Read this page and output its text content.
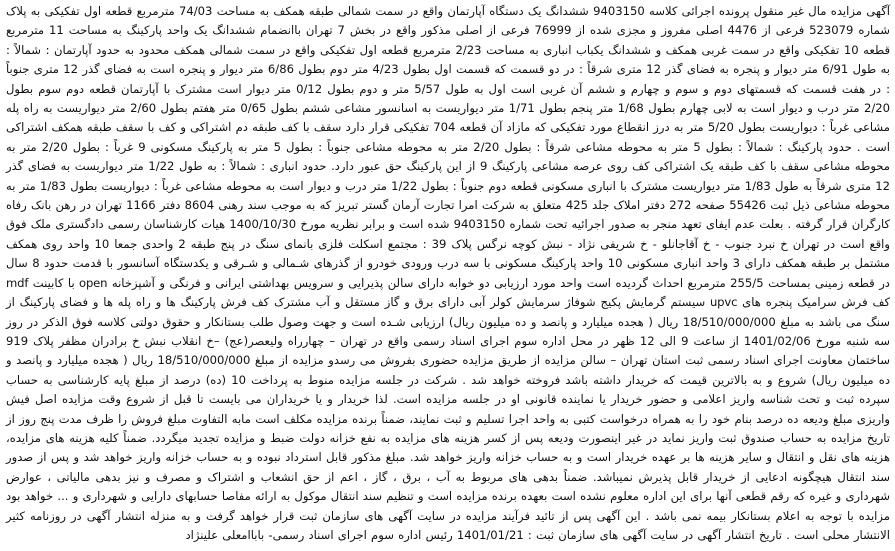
آگهی مزایده مال غیر منقول پرونده اجرائی کلاسه 9403150 ششدانگ یک دستگاه آپارتمان واقع در سمت شمالی طبقه همکف به مساحت 74/03 مترمربع قطعه اول تفکیکی به پلاک شماره 523079 فرعی از 4476 اصلی مفروز و مجزی شده از 76999 فرعی از اصلی مذکور واقع در بخش 7 تهران باانضمام ششدانگ یک واحد پارکینگ به مساحت 11 مترمربع قطعه 10 تفکیکی واقع در سمت غربی همکف و ششدانگ یکباب انباری به مساحت 2/23 مترمربع قطعه اول تفکیکی واقع در سمت شمالی همکف محدود به حدود آپارتمان : شمالاً : به طول 6/91 متر دیوار و پنجره به فضای گذر 12 متری شرقاً : در دو قسمت که قسمت اول بطول 4/23 متر دوم بطول 6/86 متر دیوار و پنجره است به فضای گذر 12 متری جنوباً : در هفت قسمت که قسمتهای دوم و سوم و چهارم و ششم آن غربی است اول به طول 5/57 متر و دوم بطول 0/12 متر دیوار است مشترک با آپارتمان قطعه دوم سوم بطول 2/20 متر درب و دیوار است به لابی چهارم بطول 1/68 متر پنجم بطول 1/71 متر دیواریست به اسانسور مشاعی ششم بطول 0/65 متر هفتم بطول 2/60 متر دیواریست به راه پله مشاعی غرباً : دیواریست بطول 5/20 متر به درز انقطاع مورد تفکیکی که مازاد آن قطعه 704 تفکیکی قرار دارد سقف با کف طبقه دم اشتراکی و کف با سقف طبقه همکف اشتراکی است . حدود پارکینگ : شمالاً : بطول 5 متر به محوطه مشاعی شرقاً : بطول 2/20 متر به محوطه مشاعی جنوباً : بطول 5 متر به پارکینگ مسکونی 9 غرباً : بطول 2/20 متر به محوطه مشاعی سقف با کف طبقه یک اشتراکی کف روی عرصه مشاعی پارکینگ 9 از این پارکینگ حق عبور دارد. حدود انباری : شمالاً : به طول 1/22 متر دیواریست به فضای گذر 12 متری شرقاً به طول 1/83 متر دیواریست مشترک با انباری مسکونی قطعه دوم جنوباً : بطول 1/22 متر درب و دیوار است به محوطه مشاعی غرباً : دیواریست بطول 1/83 متر به محوطه مشاعی ذیل ثبت 55426 صفحه 272 دفتر املاک جلد 425 متعلق به شرکت امرا تجارت آرمان گستر تبریز که به موجب سند رهنی 8604 دفتر 1166 تهران در رهن بانک رفاه کارگران قرار گرفته . بعلت عدم ایفای تعهد منجر به صدور اجرائیه تحت شماره 9403150 شده است و برابر نظریه مورخ 1400/10/30 هیات کارشناسان رسمی دادگستری ملک فوق واقع است در تهران خ نبرد جنوب - خ آقاجانلو - خ شریفی نژاد - نبش کوچه نرگس پلاک 39 : مجتمع اسکلت فلزی بانمای سنگ در پنج طبقه 2 واحدی جمعا 10 واحد روی همکف مشتمل بر طبقه همکف دارای 3 واحد انباری مسکونی 10 واحد پارکینگ مسکونی با سه درب ورودی خودرو از گذرهای شـمالی و شـرقی و یکدستگاه آسانسور با قدمت حدود 8 سال در قطعه زمینی بمساحت 255/5 مترمربع احداث گردیده است واحد مورد ارزیابی دو خوابه دارای سالن پذیرایی و سرویس بهداشتی ایرانی و فرنگی و آشپزخانه open با کابینت mdf کف فرش سرامیک پنجره های upvc سیستم گرمایش پکیج شوفاژ سرمایش کولر آبی دارای برق و گاز مستقل و آب مشترک کف فرش پارکینگ ها و راه پله ها و فضای پارکینگ از سنگ می باشد به مبلغ 18/510/000/000 ریال ( هجده میلیارد و پانصد و ده میلیون ریال) ارزیابی شـده است و جهت وصول طلب بستانکار و حقوق دولتی کلاسه فوق الذکر در روز سه شنبه مورخ 1401/02/06 از ساعت 9 الی 12 ظهر در محل اداره سوم اجرای اسناد رسمی واقع در تهران – چهارراه ولیعصر(عج) –خ انقلاب نبش خ برادران مظفر پلاک 919 ساختمان معاونت اجرای اسناد رسمی ثبت استان تهران – سالن مزایده از طریق مزایده حضوری بفروش می رسدو مزایده از مبلغ 18/510/000/000 ریال ( هجده میلیارد و پانصد و ده میلیون ریال) شروع و به بالاترین قیمت که خریدار داشته باشد فروخته خواهد شد . شرکت در جلسه مزایده منوط به پرداخت 10 (ده) درصد از مبلغ پایه کارشناسی به حساب سپرده ثبت و تحت شناسه واریز اعلامی و حضور خریدار یا نماینده قانونی او در جلسه مزایده است. لذا خریدار و یا خریداران می بایست تا قبل از شروع وقت مزایده اصل فیش واریزی مبلغ ودیعه ده درصد بنام خود را به همراه درخواست کتبی به واحد اجرا تسلیم و ثبت نمایند، ضمناً برنده مزایده مکلف است مابه التفاوت مبلغ فروش را ظرف مدت پنج روز از تاریخ مزایده به حساب صندوق ثبت واریز نماید در غیر اینصورت ودیعه پس از کسر هزینه های مزایده به نفع خزانه دولت ضبط و مزایده تجدید میگردد. ضمناً کلیه هزینه های مزایده، هزینه های نقل و انتقال و سایر هزینه ها بر عهده خریدار است و به حساب خزانه واریز خواهد شد. مبلغ مذکور قابل استرداد نبوده و به حساب خزانه واریز خواهد شد و پس از صدور سند انتقال هیچگونه ادعایی از خریدار قابل پذیرش نمیباشد. ضمناً بدهی های مربوط به آب ، برق ، گاز ، اعم از حق انشعاب و اشتراک و مصرف و نیز بدهی مالیاتی ، عوارض شهرداری و غیره که رقم قطعی آنها برای این اداره معلوم نشده است بعهده برنده مزایده است و تنظیم سند انتقال موکول به ارائه مفاصا حسابهای دارایی و شهرداری و ... خواهد بود مزایده با توجه به اعلام بستانکار بیمه نمی باشد . این آگهی پس از تائید فرآیند مزایده در سایت آگهی های سازمان ثبت قرار خواهد گرفت و به منزله انتشار آگهی در روزنامه کثیر الانتشار محلی است . تاریخ انتشار آگهی در سایت آگهی های سازمان ثبت : 1401/01/21 رئیس اداره سوم اجرای اسناد رسمی- باباامعلی علینژاد
